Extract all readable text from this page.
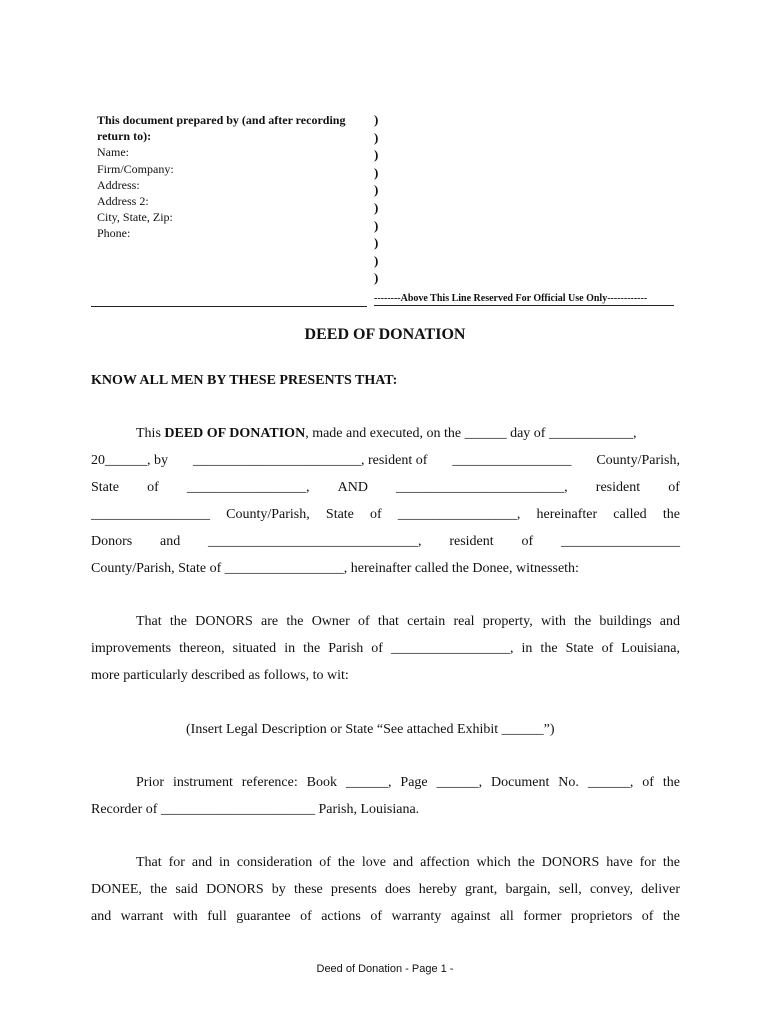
This document prepared by (and after recording
return to):
Name:
Firm/Company:
Address:
Address 2:
City, State, Zip:
Phone:
)
)
)
)
)
)
)
)
)
)
--------Above This Line Reserved For Official Use Only------------
DEED OF DONATION
KNOW ALL MEN BY THESE PRESENTS THAT:
This DEED OF DONATION, made and executed, on the ______ day of ____________,
20______, by ________________________, resident of _________________ County/Parish,
State of _________________, AND ________________________, resident of
_________________ County/Parish, State of _________________, hereinafter called the
Donors and ______________________________, resident of _________________
County/Parish, State of _________________, hereinafter called the Donee, witnesseth:
That the DONORS are the Owner of that certain real property, with the buildings and
improvements thereon, situated in the Parish of _________________, in the State of Louisiana,
more particularly described as follows, to wit:
(Insert Legal Description or State “See attached Exhibit ______”)
Prior instrument reference: Book ______, Page ______, Document No. ______, of the
Recorder of ______________________ Parish, Louisiana.
That for and in consideration of the love and affection which the DONORS have for the
DONEE, the said DONORS by these presents does hereby grant, bargain, sell, convey, deliver
and warrant with full guarantee of actions of warranty against all former proprietors of the
Deed of Donation - Page 1 -
